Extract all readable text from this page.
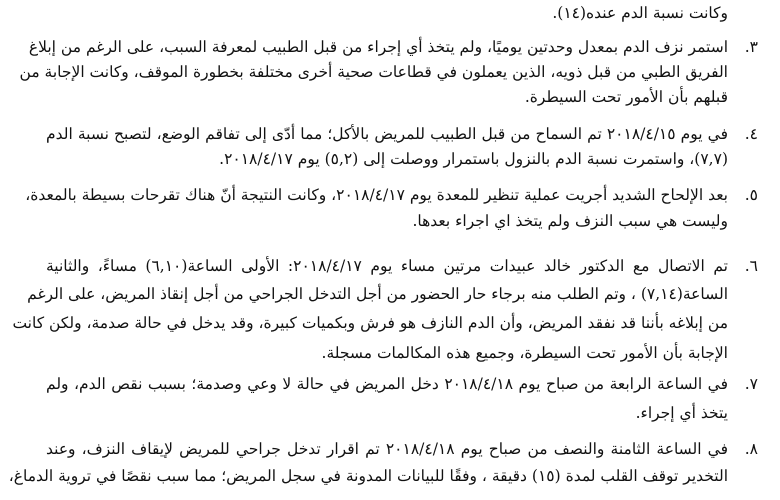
وكانت نسبة الدم عنده(١٤).
٣.
استمر نزف الدم بمعدل وحدتين يوميًا، ولم يتخذ أي إجراء من قبل الطبيب لمعرفة السبب، على الرغم من إبلاغ
الفريق الطبي من قبل ذويه، الذين يعملون في قطاعات صحية أخرى مختلفة بخطورة الموقف، وكانت الإجابة من
قبلهم بأن الأمور تحت السيطرة.
٤.
في يوم ٢٠١٨/٤/١٥ تم السماح من قبل الطبيب للمريض بالأكل؛ مما أدّى إلى تفاقم الوضع، لتصبح نسبة الدم
(٧,٧)، واستمرت نسبة الدم بالنزول باستمرار ووصلت إلى (٥,٢) يوم ٢٠١٨/٤/١٧.
٥.
بعد الإلحاح الشديد أجريت عملية تنظير للمعدة يوم ٢٠١٨/٤/١٧، وكانت النتيجة أنّ هناك تقرحات بسيطة بالمعدة،
وليست هي سبب النزف ولم يتخذ اي اجراء بعدها.
٦.
تم الاتصال مع الدكتور خالد عبيدات مرتين مساء يوم ٢٠١٨/٤/١٧: الأولى الساعة(٦,١٠) مساءً، والثانية
الساعة(٧,١٤) ، وتم الطلب منه برجاء حار الحضور من أجل التدخل الجراحي من أجل إنقاذ المريض، على الرغم
من إبلاغه بأننا قد نفقد المريض، وأن الدم النازف هو فرش وبكميات كبيرة، وقد يدخل في حالة صدمة، ولكن كانت
الإجابة بأن الأمور تحت السيطرة، وجميع هذه المكالمات مسجلة.
٧.
في الساعة الرابعة من صباح يوم ٢٠١٨/٤/١٨ دخل المريض في حالة لا وعي وصدمة؛ بسبب نقص الدم، ولم
يتخذ أي إجراء.
٨.
في الساعة الثامنة والنصف من صباح يوم ٢٠١٨/٤/١٨ تم اقرار تدخل جراحي للمريض لإيقاف النزف، وعند
التخدير توقف القلب لمدة (١٥) دقيقة ، وفقًا للبيانات المدونة في سجل المريض؛ مما سبب نقصًا في تروية الدماغ،
